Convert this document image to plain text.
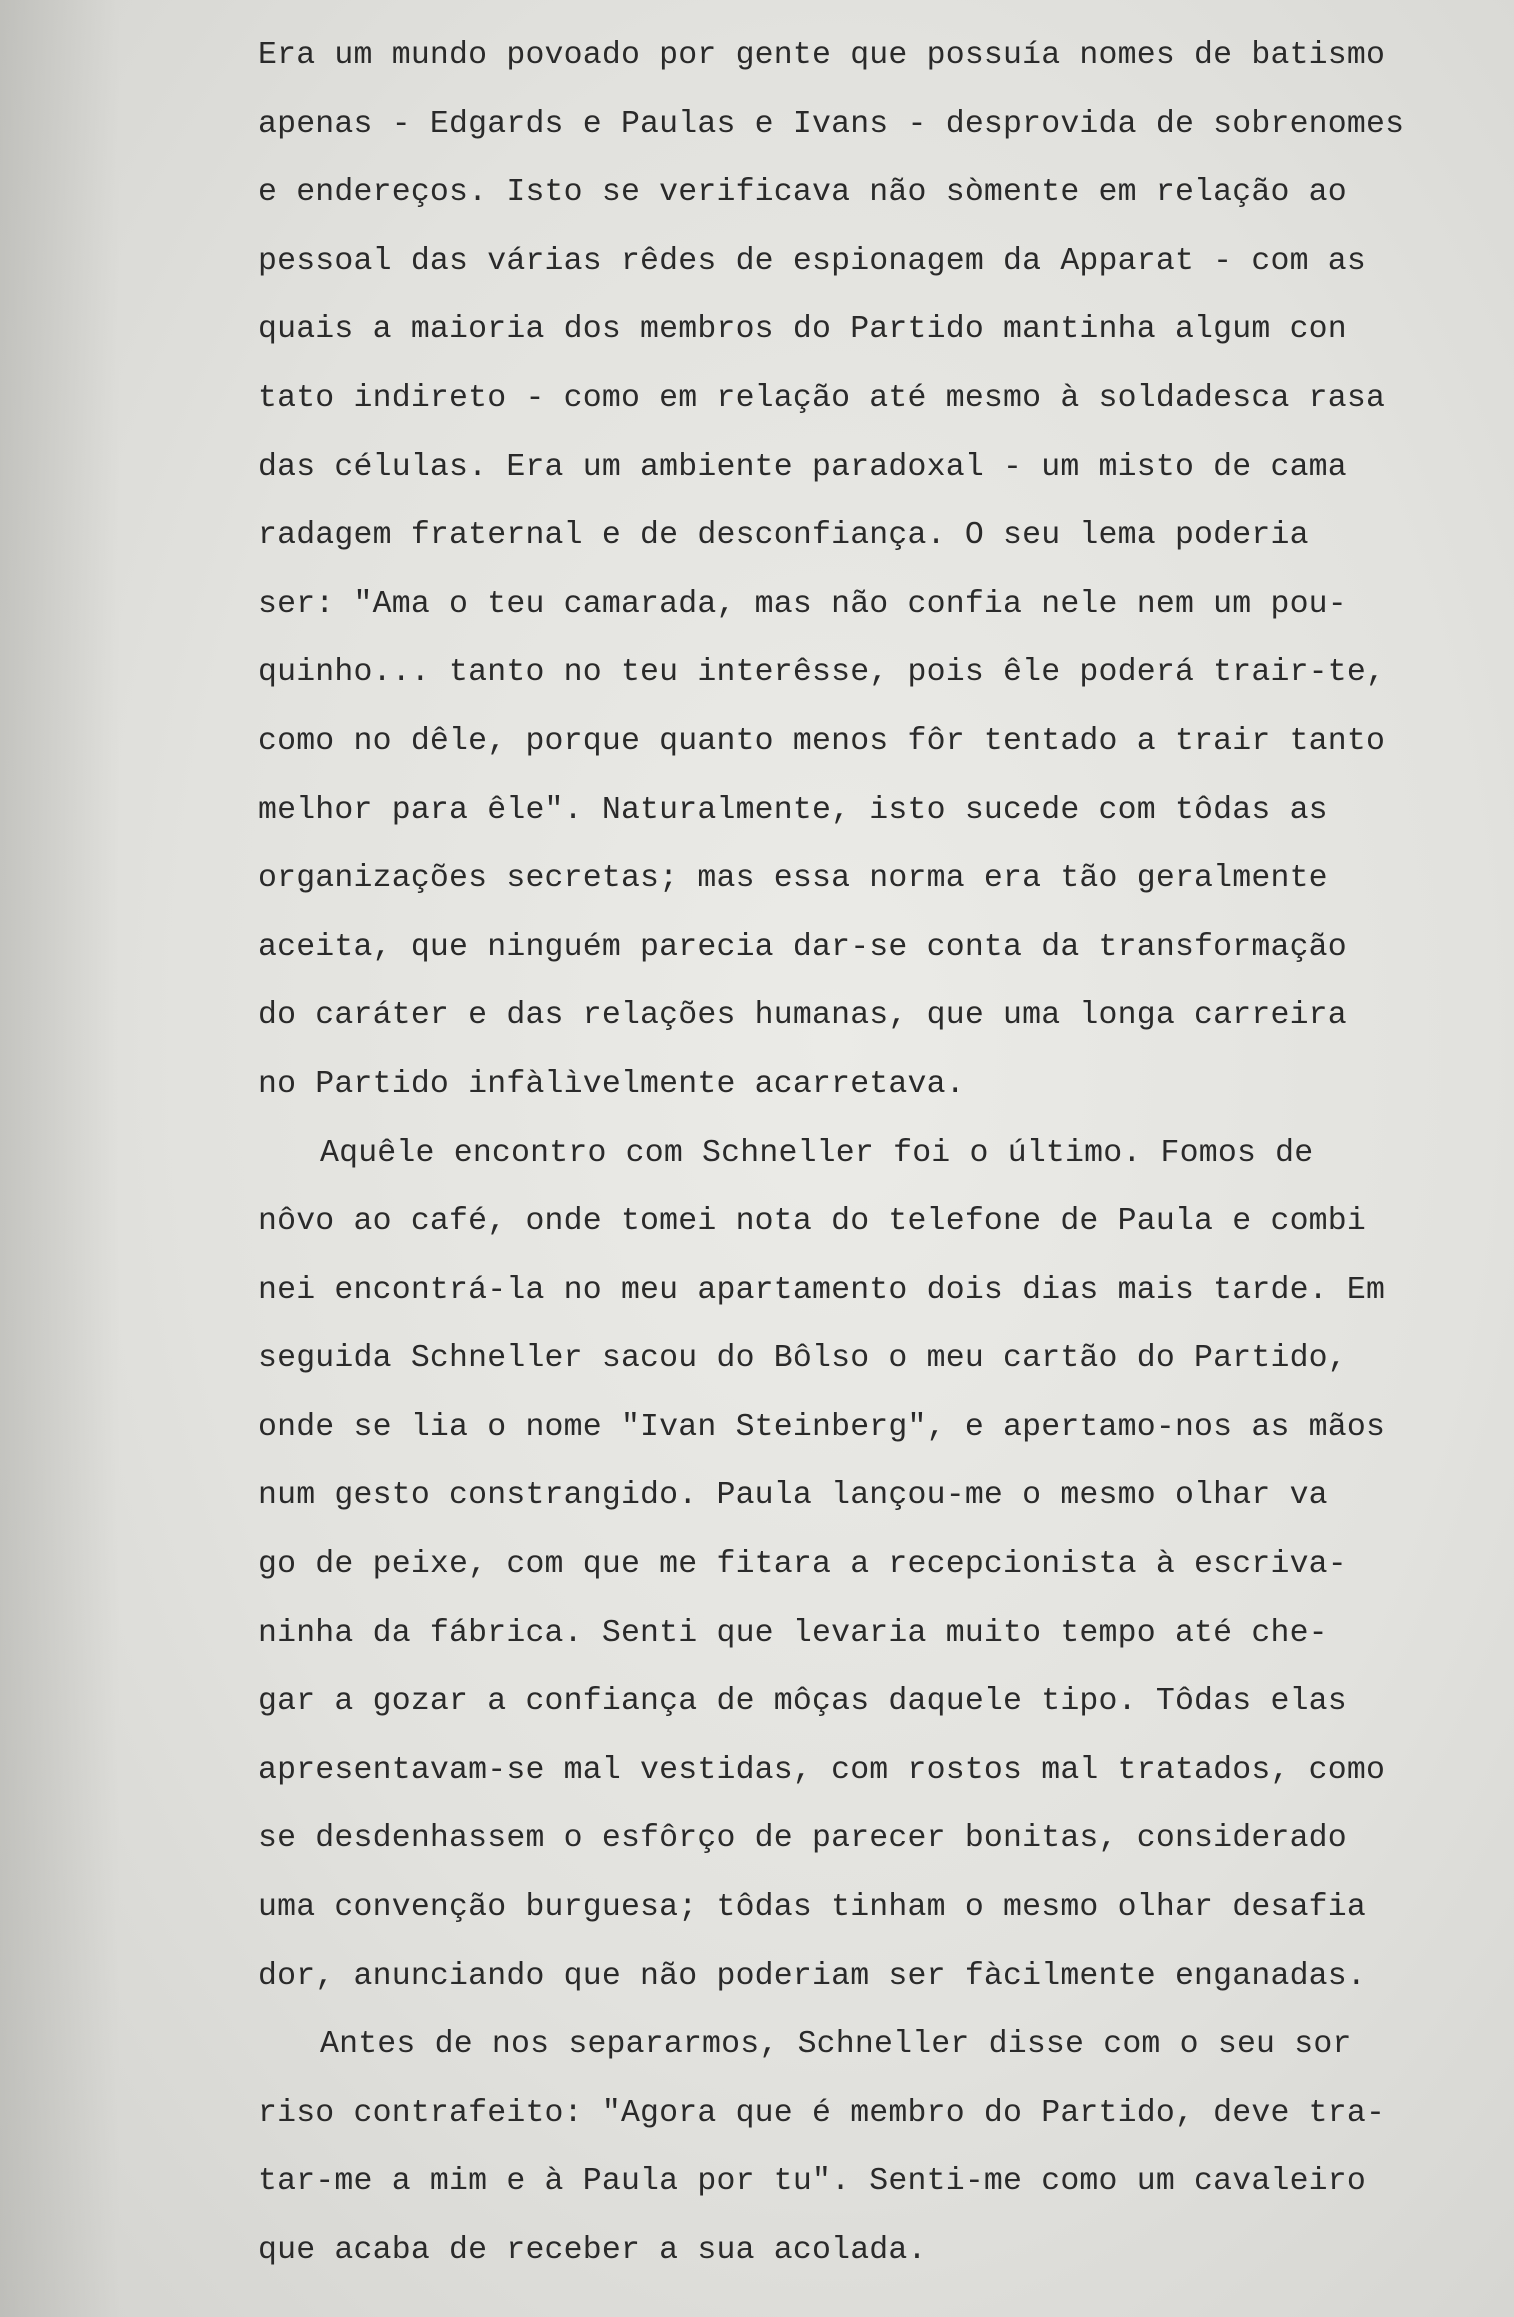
Era um mundo povoado por gente que possuía nomes de batismo
apenas - Edgards e Paulas e Ivans - desprovida de sobrenomes
e endereços. Isto se verificava não sòmente em relação ao
pessoal das várias rêdes de espionagem da Apparat - com as
quais a maioria dos membros do Partido mantinha algum con
tato indireto - como em relação até mesmo à soldadesca rasa
das células. Era um ambiente paradoxal - um misto de cama
radagem fraternal e de desconfiança. O seu lema poderia
ser: "Ama o teu camarada, mas não confia nele nem um pou-
quinho... tanto no teu interêsse, pois êle poderá trair-te,
como no dêle, porque quanto menos fôr tentado a trair tanto
melhor para êle". Naturalmente, isto sucede com tôdas as
organizações secretas; mas essa norma era tão geralmente
aceita, que ninguém parecia dar-se conta da transformação
do caráter e das relações humanas, que uma longa carreira
no Partido infàlìvelmente acarretava.
Aquêle encontro com Schneller foi o último. Fomos de
nôvo ao café, onde tomei nota do telefone de Paula e combi
nei encontrá-la no meu apartamento dois dias mais tarde. Em
seguida Schneller sacou do Bôlso o meu cartão do Partido,
onde se lia o nome "Ivan Steinberg", e apertamo-nos as mãos
num gesto constrangido. Paula lançou-me o mesmo olhar va
go de peixe, com que me fitara a recepcionista à escriva-
ninha da fábrica. Senti que levaria muito tempo até che-
gar a gozar a confiança de môças daquele tipo. Tôdas elas
apresentavam-se mal vestidas, com rostos mal tratados, como
se desdenhassem o esfôrço de parecer bonitas, considerado
uma convenção burguesa; tôdas tinham o mesmo olhar desafia
dor, anunciando que não poderiam ser fàcilmente enganadas.
Antes de nos separarmos, Schneller disse com o seu sor
riso contrafeito: "Agora que é membro do Partido, deve tra-
tar-me a mim e à Paula por tu". Senti-me como um cavaleiro
que acaba de receber a sua acolada.
